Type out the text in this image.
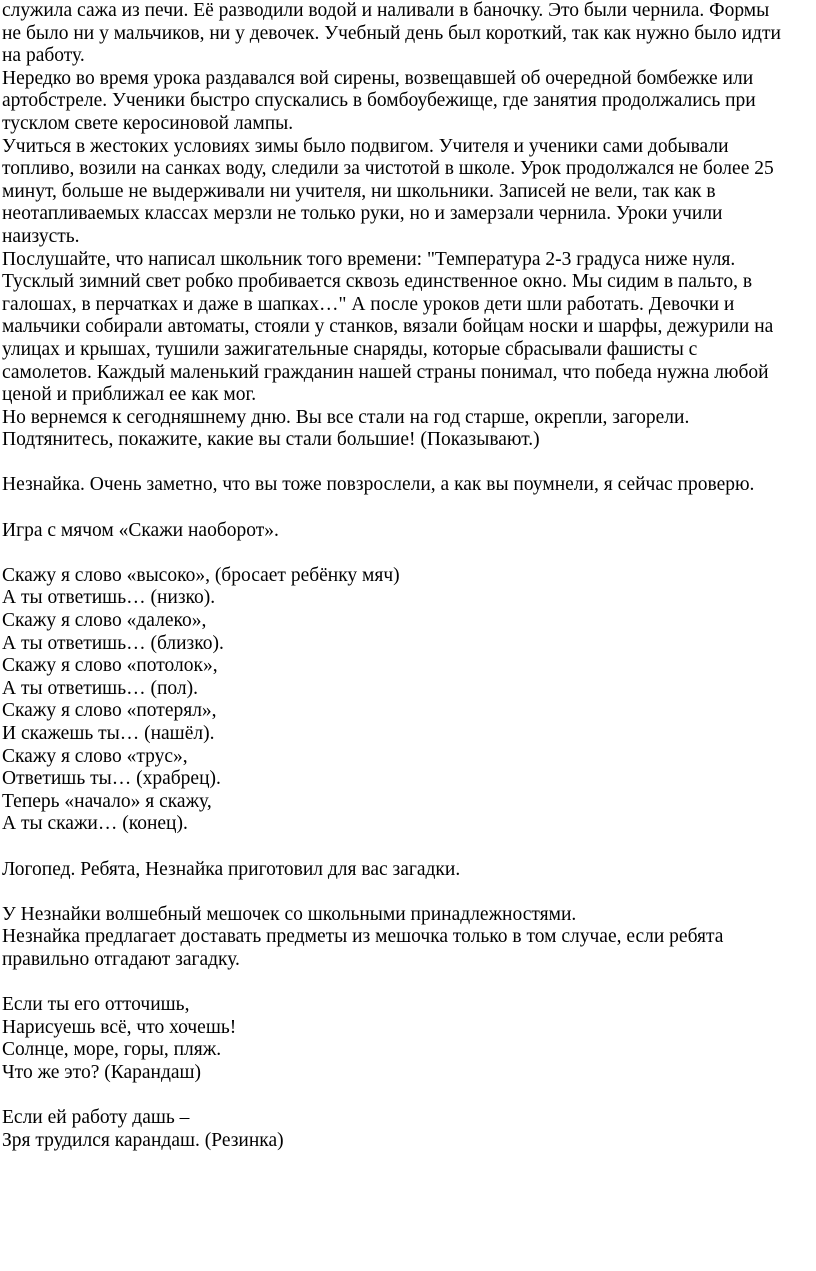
служила сажа из печи. Её разводили водой и наливали в баночку. Это были чернила. Формы
не было ни у мальчиков, ни у девочек. Учебный день был короткий, так как нужно было идти
на работу.
Нередко во время урока раздавался вой сирены, возвещавшей об очередной бомбежке или
артобстреле. Ученики быстро спускались в бомбоубежище, где занятия продолжались при
тусклом свете керосиновой лампы.
Учиться в жестоких условиях зимы было подвигом. Учителя и ученики сами добывали
топливо, возили на санках воду, следили за чистотой в школе. Урок продолжался не более 25
минут, больше не выдерживали ни учителя, ни школьники. Записей не вели, так как в
неотапливаемых классах мерзли не только руки, но и замерзали чернила. Уроки учили
наизусть.
Послушайте, что написал школьник того времени: "Температура 2-3 градуса ниже нуля.
Тусклый зимний свет робко пробивается сквозь единственное окно. Мы сидим в пальто, в
галошах, в перчатках и даже в шапках…" А после уроков дети шли работать. Девочки и
мальчики собирали автоматы, стояли у станков, вязали бойцам носки и шарфы, дежурили на
улицах и крышах, тушили зажигательные снаряды, которые сбрасывали фашисты с
самолетов. Каждый маленький гражданин нашей страны понимал, что победа нужна любой
ценой и приближал ее как мог.
Но вернемся к сегодняшнему дню. Вы все стали на год старше, окрепли, загорели.
Подтянитесь, покажите, какие вы стали большие! (Показывают.)
Незнайка. Очень заметно, что вы тоже повзрослели, а как вы поумнели, я сейчас проверю.
Игра с мячом «Скажи наоборот».
Скажу я слово «высоко», (бросает ребёнку мяч)
А ты ответишь… (низко).
Скажу я слово «далеко»,
А ты ответишь… (близко).
Скажу я слово «потолок»,
А ты ответишь… (пол).
Скажу я слово «потерял»,
И скажешь ты… (нашёл).
Скажу я слово «трус»,
Ответишь ты… (храбрец).
Теперь «начало» я скажу,
А ты скажи… (конец).
Логопед. Ребята, Незнайка приготовил для вас загадки.
У Незнайки волшебный мешочек со школьными принадлежностями.
Незнайка предлагает доставать предметы из мешочка только в том случае, если ребята
правильно отгадают загадку.
Если ты его отточишь,
Нарисуешь всё, что хочешь!
Солнце, море, горы, пляж.
Что же это? (Карандаш)
Если ей работу дашь –
Зря трудился карандаш. (Резинка)
